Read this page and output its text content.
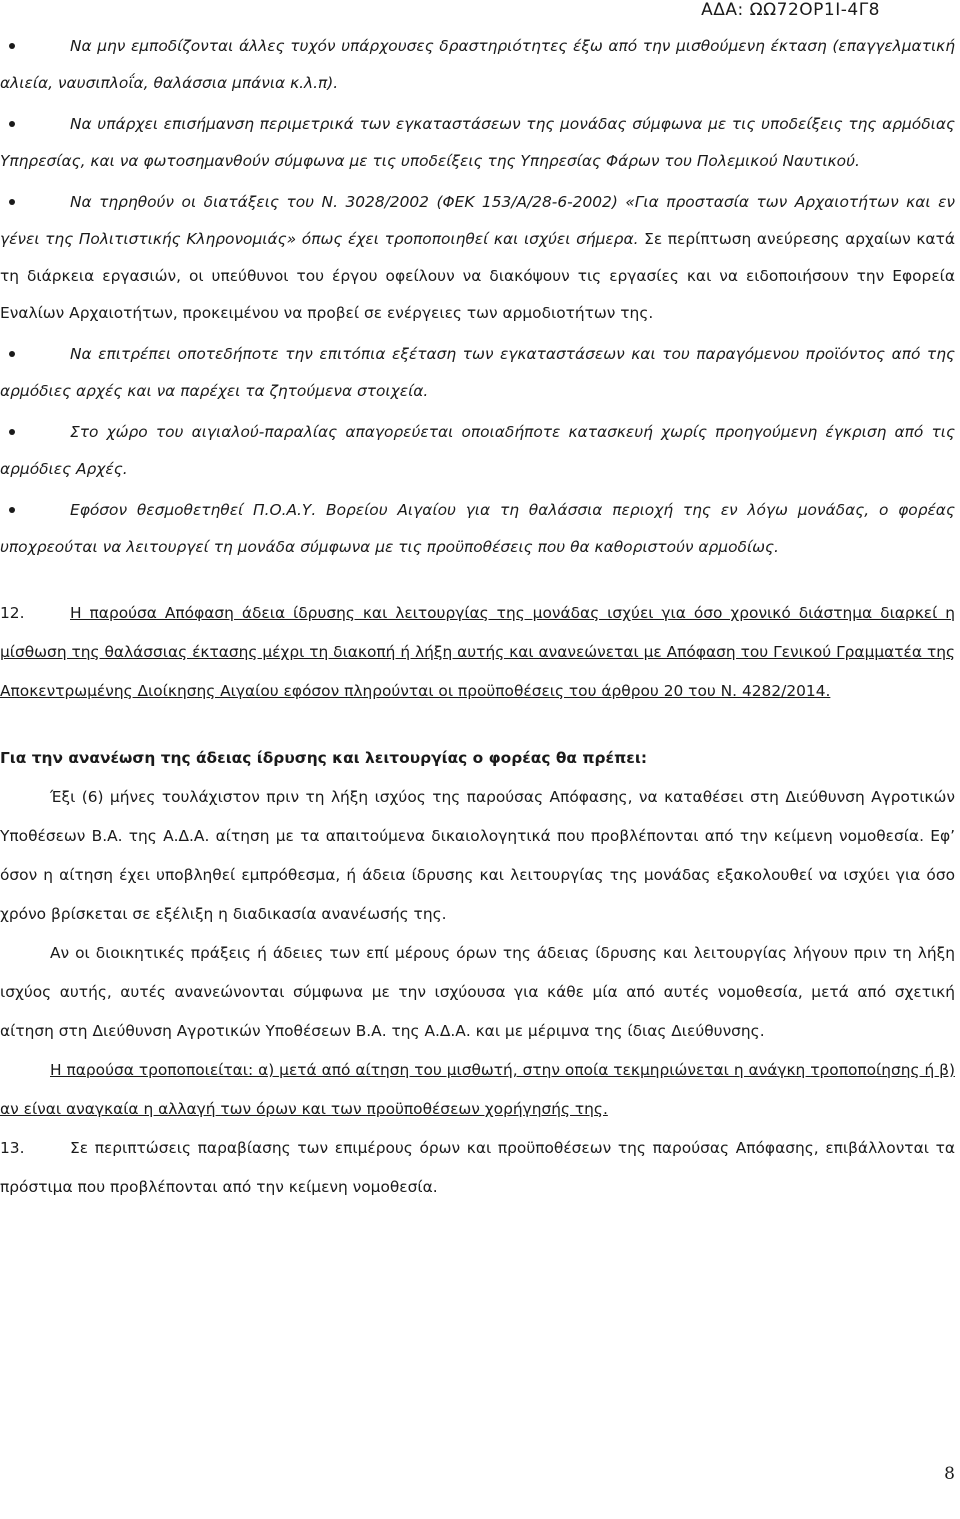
ΑΔΑ: ΩΩ72ΟΡ1Ι-4Γ8
Να μην εμποδίζονται άλλες τυχόν υπάρχουσες δραστηριότητες έξω από την μισθούμενη έκταση (επαγγελματική αλιεία, ναυσιπλοΐα, θαλάσσια μπάνια κ.λ.π).
Να υπάρχει επισήμανση περιμετρικά των εγκαταστάσεων της μονάδας σύμφωνα με τις υποδείξεις της αρμόδιας Υπηρεσίας, και να φωτοσημανθούν σύμφωνα με τις υποδείξεις της Υπηρεσίας Φάρων του Πολεμικού Ναυτικού.
Να τηρηθούν οι διατάξεις του Ν. 3028/2002 (ΦΕΚ 153/Α/28-6-2002) «Για προστασία των Αρχαιοτήτων και εν γένει της Πολιτιστικής Κληρονομιάς» όπως έχει τροποποιηθεί και ισχύει σήμερα. Σε περίπτωση ανεύρεσης αρχαίων κατά τη διάρκεια εργασιών, οι υπεύθυνοι του έργου οφείλουν να διακόψουν τις εργασίες και να ειδοποιήσουν την Εφορεία Εναλίων Αρχαιοτήτων, προκειμένου να προβεί σε ενέργειες των αρμοδιοτήτων της.
Να επιτρέπει οποτεδήποτε την επιτόπια εξέταση των εγκαταστάσεων και του παραγόμενου προϊόντος από της αρμόδιες αρχές και να παρέχει τα ζητούμενα στοιχεία.
Στο χώρο του αιγιαλού-παραλίας απαγορεύεται οποιαδήποτε κατασκευή χωρίς προηγούμενη έγκριση από τις αρμόδιες Αρχές.
Εφόσον θεσμοθετηθεί Π.Ο.Α.Υ. Βορείου Αιγαίου για τη θαλάσσια περιοχή της εν λόγω μονάδας, ο φορέας υποχρεούται να λειτουργεί τη μονάδα σύμφωνα με τις προϋποθέσεις που θα καθοριστούν αρμοδίως.

12.	Η παρούσα Απόφαση άδεια ίδρυσης και λειτουργίας της μονάδας ισχύει για όσο χρονικό διάστημα διαρκεί η μίσθωση της θαλάσσιας έκτασης μέχρι τη διακοπή ή λήξη αυτής και ανανεώνεται με Απόφαση του Γενικού Γραμματέα της Αποκεντρωμένης Διοίκησης Αιγαίου εφόσον πληρούνται οι προϋποθέσεις του άρθρου 20 του Ν. 4282/2014.

Για την ανανέωση της άδειας ίδρυσης και λειτουργίας ο φορέας θα πρέπει:

Έξι (6) μήνες τουλάχιστον πριν τη λήξη ισχύος της παρούσας Απόφασης, να καταθέσει στη Διεύθυνση Αγροτικών Υποθέσεων Β.Α. της Α.Δ.Α. αίτηση με τα απαιτούμενα δικαιολογητικά που προβλέπονται από την κείμενη νομοθεσία. Εφ’ όσον η αίτηση έχει υποβληθεί εμπρόθεσμα, ή άδεια ίδρυσης και λειτουργίας της μονάδας εξακολουθεί να ισχύει για όσο χρόνο βρίσκεται σε εξέλιξη η διαδικασία ανανέωσής της.

Αν οι διοικητικές πράξεις ή άδειες των επί μέρους όρων της άδειας ίδρυσης και λειτουργίας λήγουν πριν τη λήξη ισχύος αυτής, αυτές ανανεώνονται σύμφωνα με την ισχύουσα για κάθε μία από αυτές νομοθεσία, μετά από σχετική αίτηση στη Διεύθυνση Αγροτικών Υποθέσεων Β.Α. της Α.Δ.Α. και με μέριμνα της ίδιας Διεύθυνσης.

Η παρούσα τροποποιείται: α) μετά από αίτηση του μισθωτή, στην οποία τεκμηριώνεται η ανάγκη τροποποίησης ή β) αν είναι αναγκαία η αλλαγή των όρων και των προϋποθέσεων χορήγησής της.

13.	Σε περιπτώσεις παραβίασης των επιμέρους όρων και προϋποθέσεων της παρούσας Απόφασης, επιβάλλονται τα πρόστιμα που προβλέπονται από την κείμενη νομοθεσία.

8
